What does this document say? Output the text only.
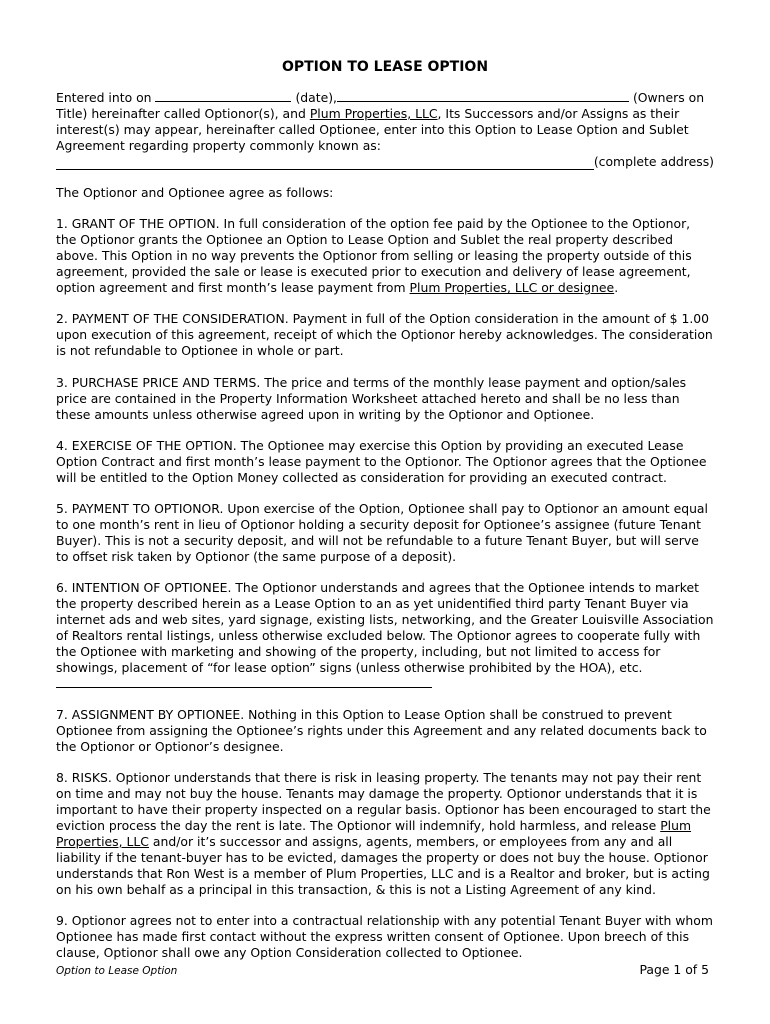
OPTION TO LEASE OPTION

Entered into on	(date),	(Owners on Title) hereinafter called Optionor(s), and Plum Properties, LLC, Its Successors and/or Assigns as their interest(s) may appear, hereinafter called Optionee, enter into this Option to Lease Option and Sublet Agreement regarding property commonly known as:

(complete address)

The Optionor and Optionee agree as follows:

1. GRANT OF THE OPTION. In full consideration of the option fee paid by the Optionee to the Optionor, the Optionor grants the Optionee an Option to Lease Option and Sublet the real property described above. This Option in no way prevents the Optionor from selling or leasing the property outside of this agreement, provided the sale or lease is executed prior to execution and delivery of lease agreement, option agreement and first month’s lease payment from Plum Properties, LLC or designee.

2. PAYMENT OF THE CONSIDERATION. Payment in full of the Option consideration in the amount of $ 1.00 upon execution of this agreement, receipt of which the Optionor hereby acknowledges. The consideration is not refundable to Optionee in whole or part.

3. PURCHASE PRICE AND TERMS. The price and terms of the monthly lease payment and option/sales price are contained in the Property Information Worksheet attached hereto and shall be no less than these amounts unless otherwise agreed upon in writing by the Optionor and Optionee.

4. EXERCISE OF THE OPTION. The Optionee may exercise this Option by providing an executed Lease Option Contract and first month’s lease payment to the Optionor. The Optionor agrees that the Optionee will be entitled to the Option Money collected as consideration for providing an executed contract.

5. PAYMENT TO OPTIONOR. Upon exercise of the Option, Optionee shall pay to Optionor an amount equal to one month’s rent in lieu of Optionor holding a security deposit for Optionee’s assignee (future Tenant Buyer). This is not a security deposit, and will not be refundable to a future Tenant Buyer, but will serve to offset risk taken by Optionor (the same purpose of a deposit).

6. INTENTION OF OPTIONEE. The Optionor understands and agrees that the Optionee intends to market the property described herein as a Lease Option to an as yet unidentified third party Tenant Buyer via internet ads and web sites, yard signage, existing lists, networking, and the Greater Louisville Association of Realtors rental listings, unless otherwise excluded below. The Optionor agrees to cooperate fully with the Optionee with marketing and showing of the property, including, but not limited to access for showings, placement of “for lease option” signs (unless otherwise prohibited by the HOA), etc.

7. ASSIGNMENT BY OPTIONEE. Nothing in this Option to Lease Option shall be construed to prevent Optionee from assigning the Optionee’s rights under this Agreement and any related documents back to the Optionor or Optionor’s designee.

8. RISKS. Optionor understands that there is risk in leasing property. The tenants may not pay their rent on time and may not buy the house. Tenants may damage the property. Optionor understands that it is important to have their property inspected on a regular basis. Optionor has been encouraged to start the eviction process the day the rent is late. The Optionor will indemnify, hold harmless, and release Plum Properties, LLC and/or it’s successor and assigns, agents, members, or employees from any and all liability if the tenant-buyer has to be evicted, damages the property or does not buy the house. Optionor understands that Ron West is a member of Plum Properties, LLC and is a Realtor and broker, but is acting on his own behalf as a principal in this transaction, & this is not a Listing Agreement of any kind.

9. Optionor agrees not to enter into a contractual relationship with any potential Tenant Buyer with whom Optionee has made first contact without the express written consent of Optionee. Upon breech of this clause, Optionor shall owe any Option Consideration collected to Optionee.

Option to Lease Option	Page 1 of 5
